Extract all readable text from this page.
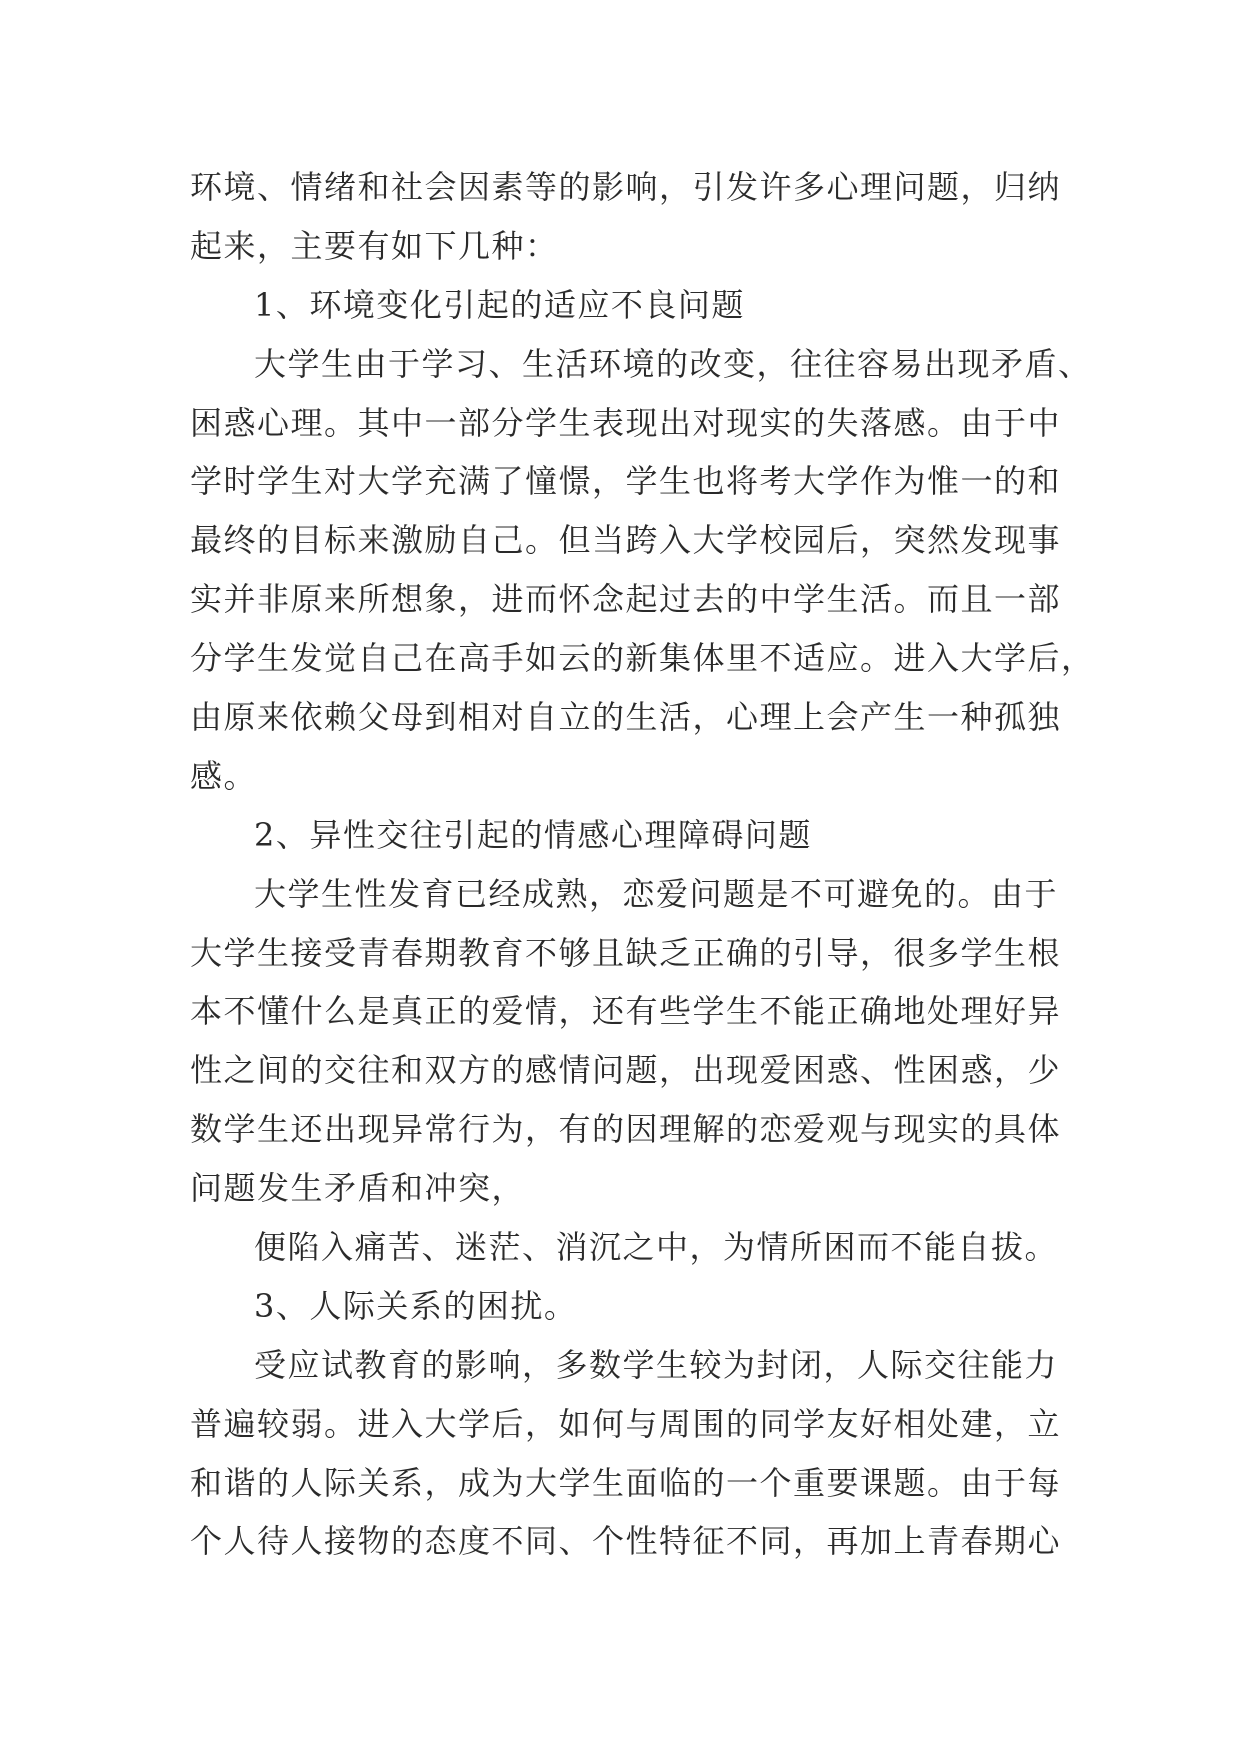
环境、情绪和社会因素等的影响，引发许多心理问题，归纳
起来，主要有如下几种：
1、环境变化引起的适应不良问题
大学生由于学习、生活环境的改变，往往容易出现矛盾、
困惑心理。其中一部分学生表现出对现实的失落感。由于中
学时学生对大学充满了憧憬，学生也将考大学作为惟一的和
最终的目标来激励自己。但当跨入大学校园后，突然发现事
实并非原来所想象，进而怀念起过去的中学生活。而且一部
分学生发觉自己在高手如云的新集体里不适应。进入大学后，
由原来依赖父母到相对自立的生活，心理上会产生一种孤独
感。
2、异性交往引起的情感心理障碍问题
大学生性发育已经成熟，恋爱问题是不可避免的。由于
大学生接受青春期教育不够且缺乏正确的引导，很多学生根
本不懂什么是真正的爱情，还有些学生不能正确地处理好异
性之间的交往和双方的感情问题，出现爱困惑、性困惑，少
数学生还出现异常行为，有的因理解的恋爱观与现实的具体
问题发生矛盾和冲突，
便陷入痛苦、迷茫、消沉之中，为情所困而不能自拔。
3、人际关系的困扰。
受应试教育的影响，多数学生较为封闭，人际交往能力
普遍较弱。进入大学后，如何与周围的同学友好相处建，立
和谐的人际关系，成为大学生面临的一个重要课题。由于每
个人待人接物的态度不同、个性特征不同，再加上青春期心
